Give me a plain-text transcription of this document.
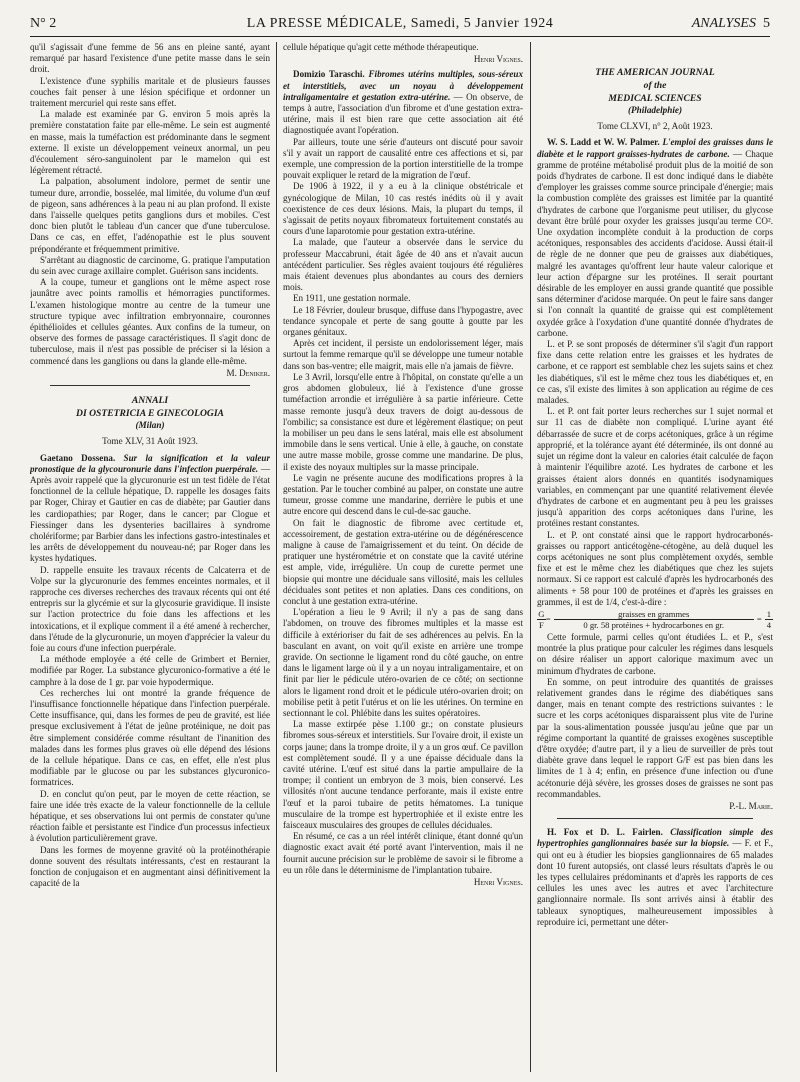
N° 2	LA PRESSE MÉDICALE, Samedi, 5 Janvier 1924	ANALYSES 5

qu'il s'agissait d'une femme de 56 ans en pleine santé, ayant remarqué par hasard l'existence d'une petite masse dans le sein droit.

L'existence d'une syphilis maritale et de plusieurs fausses couches fait penser à une lésion spécifique et ordonner un traitement mercuriel qui reste sans effet.

La malade est examinée par G. environ 5 mois après la première constatation faite par elle-même. Le sein est augmenté en masse, mais la tuméfaction est prédominante dans le segment externe. Il existe un développement veineux anormal, un peu d'écoulement séro-sanguinolent par le mamelon qui est légèrement rétracté.

La palpation, absolument indolore, permet de sentir une tumeur dure, arrondie, bosselée, mal limitée, du volume d'un œuf de pigeon, sans adhérences à la peau ni au plan profond. Il existe dans l'aisselle quelques petits ganglions durs et mobiles. C'est donc bien plutôt le tableau d'un cancer que d'une tuberculose. Dans ce cas, en effet, l'adénopathie est le plus souvent prépondérante et fréquemment primitive.

S'arrêtant au diagnostic de carcinome, G. pratique l'amputation du sein avec curage axillaire complet. Guérison sans incidents.

A la coupe, tumeur et ganglions ont le même aspect rose jaunâtre avec points ramollis et hémorragies punctiformes. L'examen histologique montre au centre de la tumeur une structure typique avec infiltration embryonnaire, couronnes épithélioïdes et cellules géantes. Aux confins de la tumeur, on observe des formes de passage caractéristiques. Il s'agit donc de tuberculose, mais il n'est pas possible de préciser si la lésion a commencé dans les ganglions ou dans la glande elle-même.

M. Deniker.
ANNALI
DI OSTETRICIA E GINECOLOGIA
(Milan)
Tome XLV, 31 Août 1923.

Gaetano Dossena. Sur la signification et la valeur pronostique de la glycouronurie dans l'infection puerpérale. — Après avoir rappelé que la glycuronurie est un test fidèle de l'état fonctionnel de la cellule hépatique, D. rappelle les dosages faits par Roger, Chiray et Gautier en cas de diabète; par Gautier dans les cardiopathies; par Roger, dans le cancer; par Clogue et Fiessinger dans les dysenteries bacillaires à syndrome cholériforme; par Barbier dans les infections gastro-intestinales et les arrêts de développement du nouveau-né; par Roger dans les kystes hydatiques.

D. rappelle ensuite les travaux récents de Calcaterra et de Volpe sur la glycuronurie des femmes enceintes normales, et il rapproche ces diverses recherches des travaux récents qui ont été entrepris sur la glycémie et sur la glycosurie gravidique. Il insiste sur l'action protectrice du foie dans les affections et les intoxications, et il explique comment il a été amené à rechercher, dans l'étude de la glycuronurie, un moyen d'apprécier la valeur du foie au cours d'une infection puerpérale.

La méthode employée a été celle de Grimbert et Bernier, modifiée par Roger. La substance glycuronico-formative a été le camphre à la dose de 1 gr. par voie hypodermique.

Ces recherches lui ont montré la grande fréquence de l'insuffisance fonctionnelle hépatique dans l'infection puerpérale. Cette insuffisance, qui, dans les formes de peu de gravité, est liée presque exclusivement à l'état de jeûne protéinique, ne doit pas être simplement considérée comme résultant de l'inanition des malades dans les formes plus graves où elle dépend des lésions de la cellule hépatique. Dans ce cas, en effet, elle n'est plus modifiable par le glucose ou par les substances glycuronico-formatrices.

D. en conclut qu'on peut, par le moyen de cette réaction, se faire une idée très exacte de la valeur fonctionnelle de la cellule hépatique, et ses observations lui ont permis de constater qu'une réaction faible et persistante est l'indice d'un processus infectieux à évolution particulièrement grave.

Dans les formes de moyenne gravité où la protéinothérapie donne souvent des résultats intéressants, c'est en restaurant la fonction de conjugaison et en augmentant ainsi définitivement la capacité de la

cellule hépatique qu'agit cette méthode thérapeutique.

Henri Vignes.

Domizio Taraschi. Fibromes utérins multiples, sous-séreux et interstitiels, avec un noyau à développement intraligamentaire et gestation extra-utérine. — On observe, de temps à autre, l'association d'un fibrome et d'une gestation extra-utérine, mais il est bien rare que cette association ait été diagnostiquée avant l'opération.

Par ailleurs, toute une série d'auteurs ont discuté pour savoir s'il y avait un rapport de causalité entre ces affections et si, par exemple, une compression de la portion interstitielle de la trompe pouvait expliquer le retard de la migration de l'œuf.

De 1906 à 1922, il y a eu à la clinique obstétricale et gynécologique de Milan, 10 cas restés inédits où il y avait coexistence de ces deux lésions. Mais, la plupart du temps, il s'agissait de petits noyaux fibromateux fortuitement constatés au cours d'une laparotomie pour gestation extra-utérine.

La malade, que l'auteur a observée dans le service du professeur Maccabruni, était âgée de 40 ans et n'avait aucun antécédent particulier. Ses règles avaient toujours été régulières mais étaient devenues plus abondantes au cours des derniers mois.

En 1911, une gestation normale.

Le 18 Février, douleur brusque, diffuse dans l'hypogastre, avec tendance syncopale et perte de sang goutte à goutte par les organes génitaux.

Après cet incident, il persiste un endolorissement léger, mais surtout la femme remarque qu'il se développe une tumeur notable dans son bas-ventre; elle maigrit, mais elle n'a jamais de fièvre.

Le 3 Avril, lorsqu'elle entre à l'hôpital, on constate qu'elle a un gros abdomen globuleux, lié à l'existence d'une grosse tuméfaction arrondie et irrégulière à sa partie inférieure. Cette masse remonte jusqu'à deux travers de doigt au-dessous de l'ombilic; sa consistance est dure et légèrement élastique; on peut la mobiliser un peu dans le sens latéral, mais elle est absolument immobile dans le sens vertical. Unie à elle, à gauche, on constate une autre masse mobile, grosse comme une mandarine. De plus, il existe des noyaux multiples sur la masse principale.

Le vagin ne présente aucune des modifications propres à la gestation. Par le toucher combiné au palper, on constate une autre tumeur, grosse comme une mandarine, derrière le pubis et une autre encore qui descend dans le cul-de-sac gauche.

On fait le diagnostic de fibrome avec certitude et, accessoirement, de gestation extra-utérine ou de dégénérescence maligne à cause de l'amaigrissement et du teint. On décide de pratiquer une hystérométrie et on constate que la cavité utérine est ample, vide, irrégulière. Un coup de curette permet une biopsie qui montre une déciduale sans villosité, mais les cellules déciduales sont petites et non aplaties. Dans ces conditions, on conclut à une gestation extra-utérine.

L'opération a lieu le 9 Avril; il n'y a pas de sang dans l'abdomen, on trouve des fibromes multiples et la masse est difficile à extérioriser du fait de ses adhérences au pelvis. En la basculant en avant, on voit qu'il existe en arrière une trompe gravide. On sectionne le ligament rond du côté gauche, on entre dans le ligament large où il y a un noyau intraligamentaire, et on finit par lier le pédicule utéro-ovarien de ce côté; on sectionne alors le ligament rond droit et le pédicule utéro-ovarien droit; on mobilise petit à petit l'utérus et on lie les utérines. On termine en sectionnant le col. Phlébite dans les suites opératoires.

La masse extirpée pèse 1.100 gr.; on constate plusieurs fibromes sous-séreux et interstitiels. Sur l'ovaire droit, il existe un corps jaune; dans la trompe droite, il y a un gros œuf. Ce pavillon est complètement soudé. Il y a une épaisse déciduale dans la cavité utérine. L'œuf est situé dans la partie ampullaire de la trompe; il contient un embryon de 3 mois, bien conservé. Les villosités n'ont aucune tendance perforante, mais il existe entre l'œuf et la paroi tubaire de petits hématomes. La tunique musculaire de la trompe est hypertrophiée et il existe entre les faisceaux musculaires des groupes de cellules déciduales.

En résumé, ce cas a un réel intérêt clinique, étant donné qu'un diagnostic exact avait été porté avant l'intervention, mais il ne fournit aucune précision sur le problème de savoir si le fibrome a eu un rôle dans le déterminisme de l'implantation tubaire.

Henri Vignes.
THE AMERICAN JOURNAL
of the
MEDICAL SCIENCES
(Philadelphie)
Tome CLXVI, n° 2, Août 1923.

W. S. Ladd et W. W. Palmer. L'emploi des graisses dans le diabète et le rapport graisses-hydrates de carbone. — Chaque gramme de protéine métabolisé produit plus de la moitié de son poids d'hydrates de carbone. Il est donc indiqué dans le diabète d'employer les graisses comme source principale d'énergie; mais la combustion complète des graisses est limitée par la quantité d'hydrates de carbone que l'organisme peut utiliser, du glycose devant être brûlé pour oxyder les graisses jusqu'au terme CO². Une oxydation incomplète conduit à la production de corps acétoniques, responsables des accidents d'acidose. Aussi était-il de règle de ne donner que peu de graisses aux diabétiques, malgré les avantages qu'offrent leur haute valeur calorique et leur action d'épargne sur les protéines. Il serait pourtant désirable de les employer en aussi grande quantité que possible sans déterminer d'acidose marquée. On peut le faire sans danger si l'on connaît la quantité de graisse qui est complètement oxydée grâce à l'oxydation d'une quantité donnée d'hydrates de carbone.

L. et P. se sont proposés de déterminer s'il s'agit d'un rapport fixe dans cette relation entre les graisses et les hydrates de carbone, et ce rapport est semblable chez les sujets sains et chez les diabétiques, s'il est le même chez tous les diabétiques et, en ce cas, s'il existe des limites à son application au régime de ces malades.

L. et P. ont fait porter leurs recherches sur 1 sujet normal et sur 11 cas de diabète non compliqué. L'urine ayant été débarrassée de sucre et de corps acétoniques, grâce à un régime approprié, et la tolérance ayant été déterminée, ils ont donné au sujet un régime dont la valeur en calories était calculée de façon à maintenir l'équilibre azoté. Les hydrates de carbone et les graisses étaient alors donnés en quantités isodynamiques variables, en commençant par une quantité relativement élevée d'hydrates de carbone et en augmentant peu à peu les graisses jusqu'à apparition des corps acétoniques dans l'urine, les protéines restant constantes.

L. et P. ont constaté ainsi que le rapport hydrocarbonés-graisses ou rapport anticétogène-cétogène, au delà duquel les corps acétoniques ne sont plus complètement oxydés, semble fixe et est le même chez les diabétiques que chez les sujets normaux. Si ce rapport est calculé d'après les hydrocarbonés des aliments + 58 pour 100 de protéines et d'après les graisses en grammes, il est de 1/4, c'est-à-dire :

$\frac{G}{F}$ =
graisses en grammes
0 gr. 58 protéines + hydrocarbones en gr.
= $\frac{1}{4}$

Cette formule, parmi celles qu'ont étudiées L. et P., s'est montrée la plus pratique pour calculer les régimes dans lesquels on désire réaliser un apport calorique maximum avec un minimum d'hydrates de carbone.

En somme, on peut introduire des quantités de graisses relativement grandes dans le régime des diabétiques sans danger, mais en tenant compte des restrictions suivantes : le sucre et les corps acétoniques disparaissent plus vite de l'urine par la sous-alimentation poussée jusqu'au jeûne que par un régime comportant la quantité de graisses exogènes susceptible d'être oxydée; d'autre part, il y a lieu de surveiller de près tout diabète grave dans lequel le rapport G/F est pas bien dans les limites de 1 à 4; enfin, en présence d'une infection ou d'une acétonurie déjà sévère, les grosses doses de graisses ne sont pas recommandables.

P.-L. Marie.

H. Fox et D. L. Fairlen. Classification simple des hypertrophies ganglionnaires basée sur la biopsie. — F. et F., qui ont eu à étudier les biopsies ganglionnaires de 65 malades dont 10 furent autopsiés, ont classé leurs résultats d'après le ou les types cellulaires prédominants et d'après les rapports de ces cellules les unes avec les autres et avec l'architecture ganglionnaire normale. Ils sont arrivés ainsi à établir des tableaux synoptiques, malheureusement impossibles à reproduire ici, permettant une déter-
